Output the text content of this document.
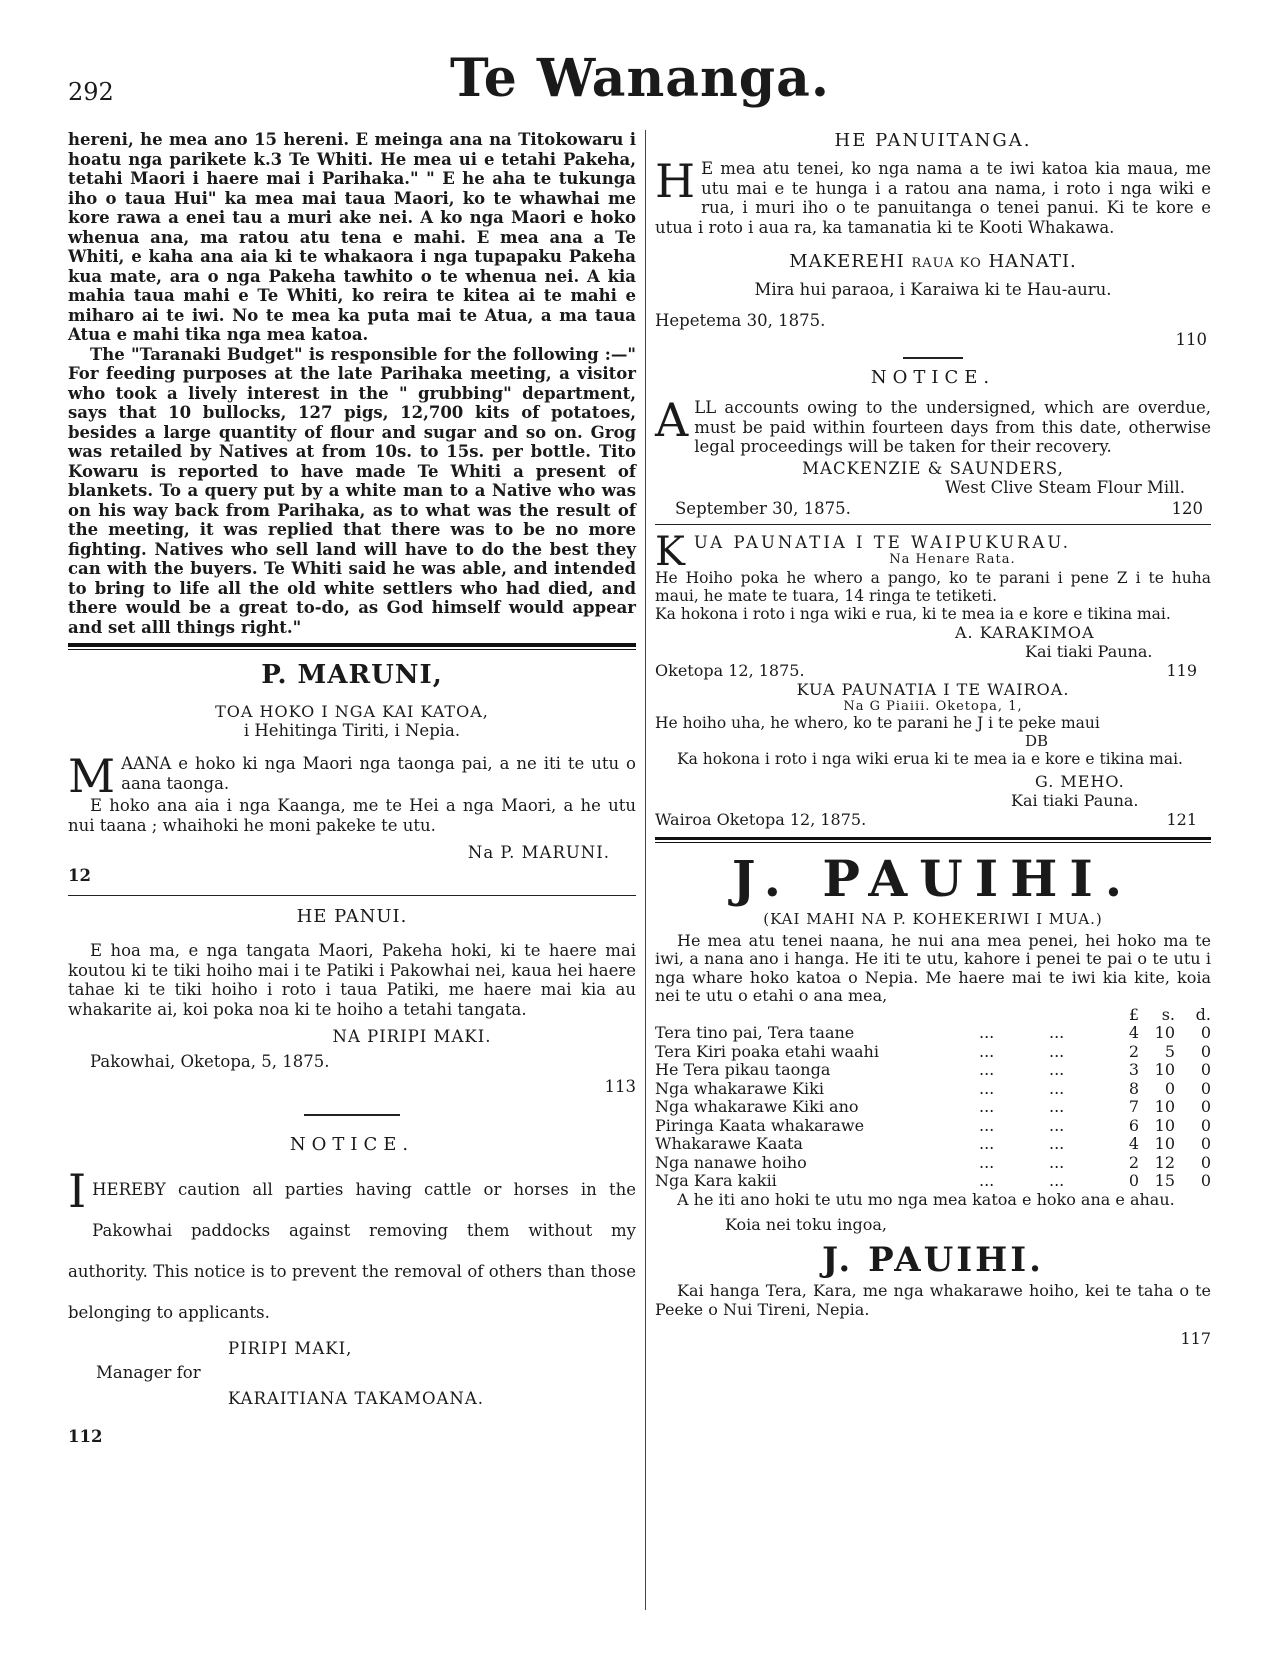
292	Te Wananga.

hereni, he mea ano 15 hereni. E meinga ana na Titokowaru i hoatu nga parikete k.3 Te Whiti. He mea ui e tetahi Pakeha, tetahi Maori i haere mai i Parihaka." " E he aha te tukunga iho o taua Hui" ka mea mai taua Maori, ko te whawhai me kore rawa a enei tau a muri ake nei. A ko nga Maori e hoko whenua ana, ma ratou atu tena e mahi. E mea ana a Te Whiti, e kaha ana aia ki te whakaora i nga tupapaku Pakeha kua mate, ara o nga Pakeha tawhito o te whenua nei. A kia mahia taua mahi e Te Whiti, ko reira te kitea ai te mahi e miharo ai te iwi. No te mea ka puta mai te Atua, a ma taua Atua e mahi tika nga mea katoa.

The "Taranaki Budget" is responsible for the following :—" For feeding purposes at the late Parihaka meeting, a visitor who took a lively interest in the " grubbing" department, says that 10 bullocks, 127 pigs, 12,700 kits of potatoes, besides a large quantity of flour and sugar and so on. Grog was retailed by Natives at from 10s. to 15s. per bottle. Tito Kowaru is reported to have made Te Whiti a present of blankets. To a query put by a white man to a Native who was on his way back from Parihaka, as to what was the result of the meeting, it was replied that there was to be no more fighting. Natives who sell land will have to do the best they can with the buyers. Te Whiti said he was able, and intended to bring to life all the old white settlers who had died, and there would be a great to-do, as God himself would appear and set alll things right."

P. MARUNI,
TOA HOKO I NGA KAI KATOA,
i Hehitinga Tiriti, i Nepia.

MAANA e hoko ki nga Maori nga taonga pai, a ne iti te utu o aana taonga.

E hoko ana aia i nga Kaanga, me te Hei a nga Maori, a he utu nui taana ; whaihoki he moni pakeke te utu.

Na P. MARUNI.
12
HE PANUI.

E hoa ma, e nga tangata Maori, Pakeha hoki, ki te haere mai koutou ki te tiki hoiho mai i te Patiki i Pakowhai nei, kaua hei haere tahae ki te tiki hoiho i roto i taua Patiki, me haere mai kia au whakarite ai, koi poka noa ki te hoiho a tetahi tangata.

NA PIRIPI MAKI.
Pakowhai, Oketopa, 5, 1875.
113
NOTICE.

IHEREBY caution all parties having cattle or horses in the Pakowhai paddocks against removing them without my authority. This notice is to prevent the removal of others than those belonging to applicants.

PIRIPI MAKI,
Manager for
KARAITIANA TAKAMOANA.
112
HE PANUITANGA.

H E mea atu tenei, ko nga nama a te iwi katoa kia maua, me utu mai e te hunga i a ratou ana nama, i roto i nga wiki e rua, i muri iho o te panuitanga o tenei panui. Ki te kore e utua i roto i aua ra, ka tamanatia ki te Kooti Whakawa.

MAKEREHI RAUA KO HANATI.
Mira hui paraoa, i Karaiwa ki te Hau-auru.
Hepetema 30, 1875.
110
NOTICE.

ALL accounts owing to the undersigned, which are overdue, must be paid within fourteen days from this date, otherwise legal proceedings will be taken for their recovery.

MACKENZIE & SAUNDERS,
West Clive Steam Flour Mill.
September 30, 1875.	120

KUA PAUNATIA I TE WAIPUKURAU.

Na Henare Rata.

He Hoiho poka he whero a pango, ko te parani i pene Z i te huha maui, he mate te tuara, 14 ringa te tetiketi.

Ka hokona i roto i nga wiki e rua, ki te mea ia e kore e tikina mai.

A. KARAKIMOA
Kai tiaki Pauna.
Oketopa 12, 1875.	119
KUA PAUNATIA I TE WAIROA.
Na G Piaiii. Oketopa, 1,

He hoiho uha, he whero, ko te parani he J i te peke maui

DB

Ka hokona i roto i nga wiki erua ki te mea ia e kore e tikina mai.

G. MEHO.
Kai tiaki Pauna.
Wairoa Oketopa 12, 1875.	121
J. PAUIHI.
(KAI MAHI NA P. KOHEKERIWI I MUA.)

He mea atu tenei naana, he nui ana mea penei, hei hoko ma te iwi, a nana ano i hanga. He iti te utu, kahore i penei te pai o te utu i nga whare hoko katoa o Nepia. Me haere mai te iwi kia kite, koia nei te utu o etahi o ana mea,

			£	s.	d.
Tera tino pai, Tera taane	...	...	4	10	0
Tera Kiri poaka etahi waahi	...	...	2	5	0
He Tera pikau taonga	...	...	3	10	0
Nga whakarawe Kiki	...	...	8	0	0
Nga whakarawe Kiki ano	...	...	7	10	0
Piringa Kaata whakarawe	...	...	6	10	0
Whakarawe Kaata	...	...	4	10	0
Nga nanawe hoiho	...	...	2	12	0
Nga Kara kakii	...	...	0	15	0

A he iti ano hoki te utu mo nga mea katoa e hoko ana e ahau.

Koia nei toku ingoa,
J. PAUIHI.

Kai hanga Tera, Kara, me nga whakarawe hoiho, kei te taha o te Peeke o Nui Tireni, Nepia.

117
